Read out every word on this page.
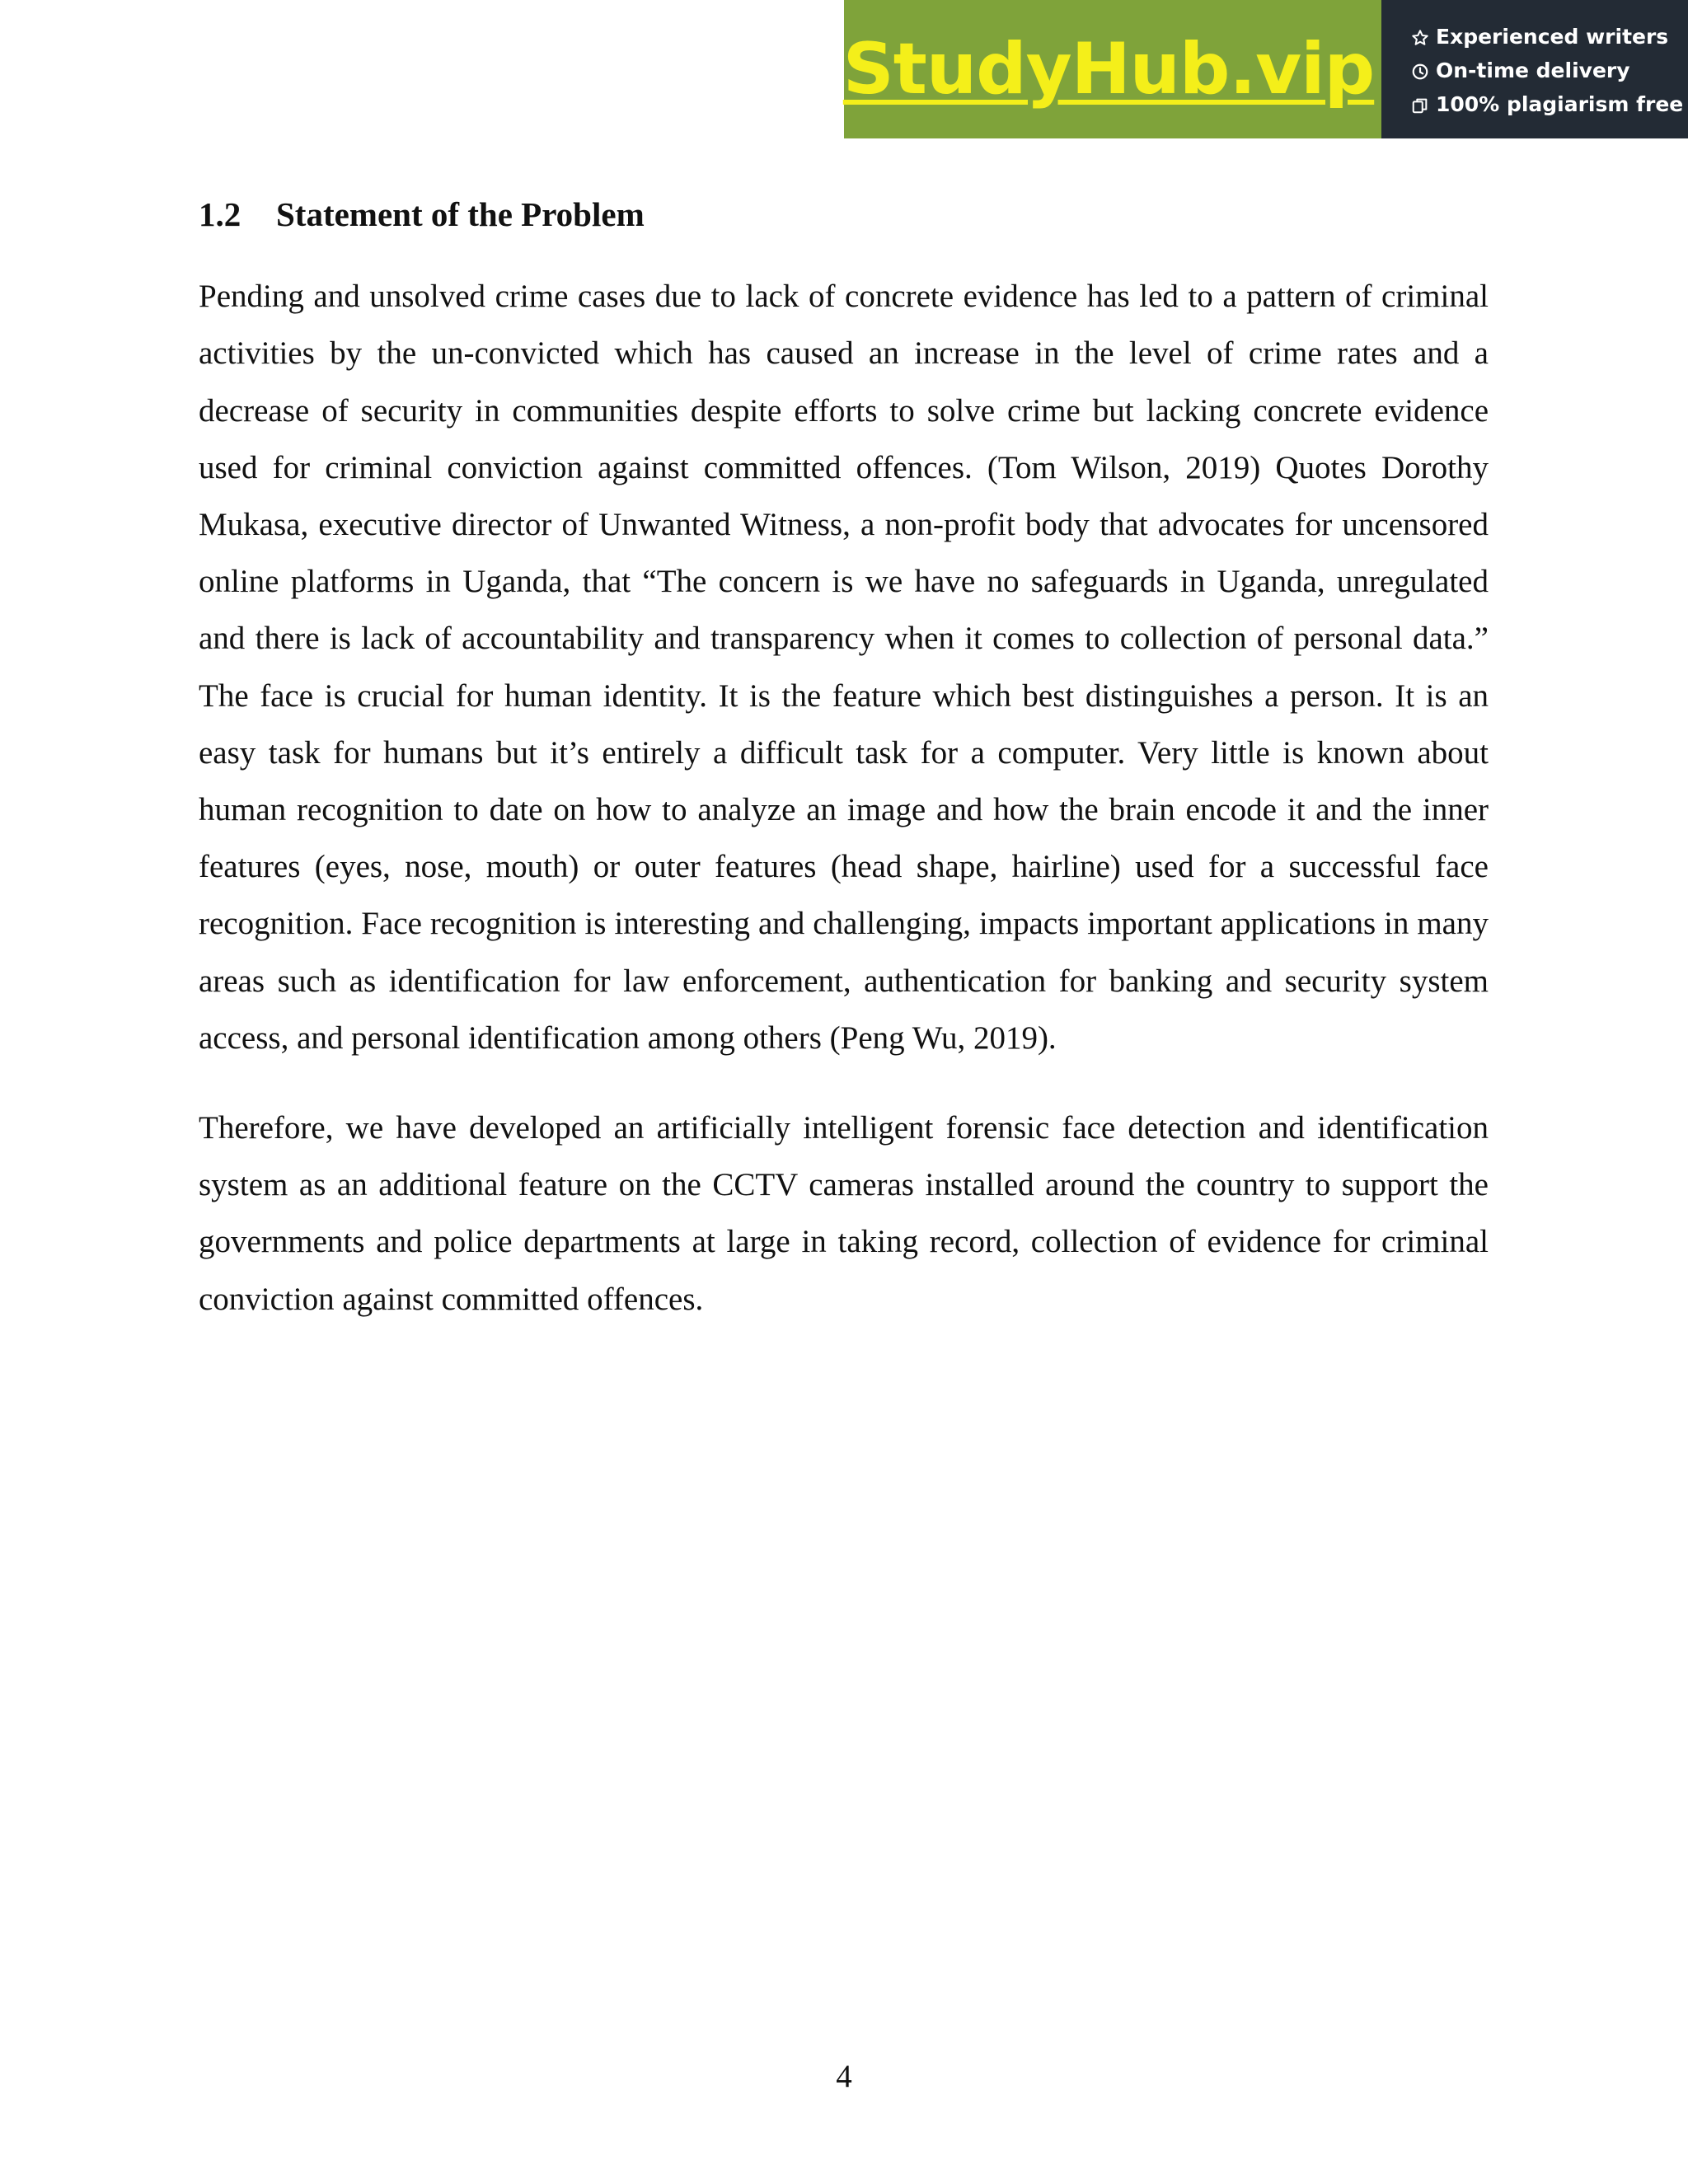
StudyHub.vip	Experienced writers
On-time delivery
100% plagiarism free
1.2	Statement of the Problem

Pending and unsolved crime cases due to lack of concrete evidence has led to a pattern of criminal activities by the un-convicted which has caused an increase in the level of crime rates and a decrease of security in communities despite efforts to solve crime but lacking concrete evidence used for criminal conviction against committed offences. (Tom Wilson, 2019) Quotes Dorothy Mukasa, executive director of Unwanted Witness, a non-profit body that advocates for uncensored online platforms in Uganda, that “The concern is we have no safeguards in Uganda, unregulated and there is lack of accountability and transparency when it comes to collection of personal data.” The face is crucial for human identity. It is the feature which best distinguishes a person. It is an easy task for humans but it’s entirely a difficult task for a computer. Very little is known about human recognition to date on how to analyze an image and how the brain encode it and the inner features (eyes, nose, mouth) or outer features (head shape, hairline) used for a successful face recognition. Face recognition is interesting and challenging, impacts important applications in many areas such as identification for law enforcement, authentication for banking and security system access, and personal identification among others (Peng Wu, 2019).

Therefore, we have developed an artificially intelligent forensic face detection and identification system as an additional feature on the CCTV cameras installed around the country to support the governments and police departments at large in taking record, collection of evidence for criminal conviction against committed offences.

4
